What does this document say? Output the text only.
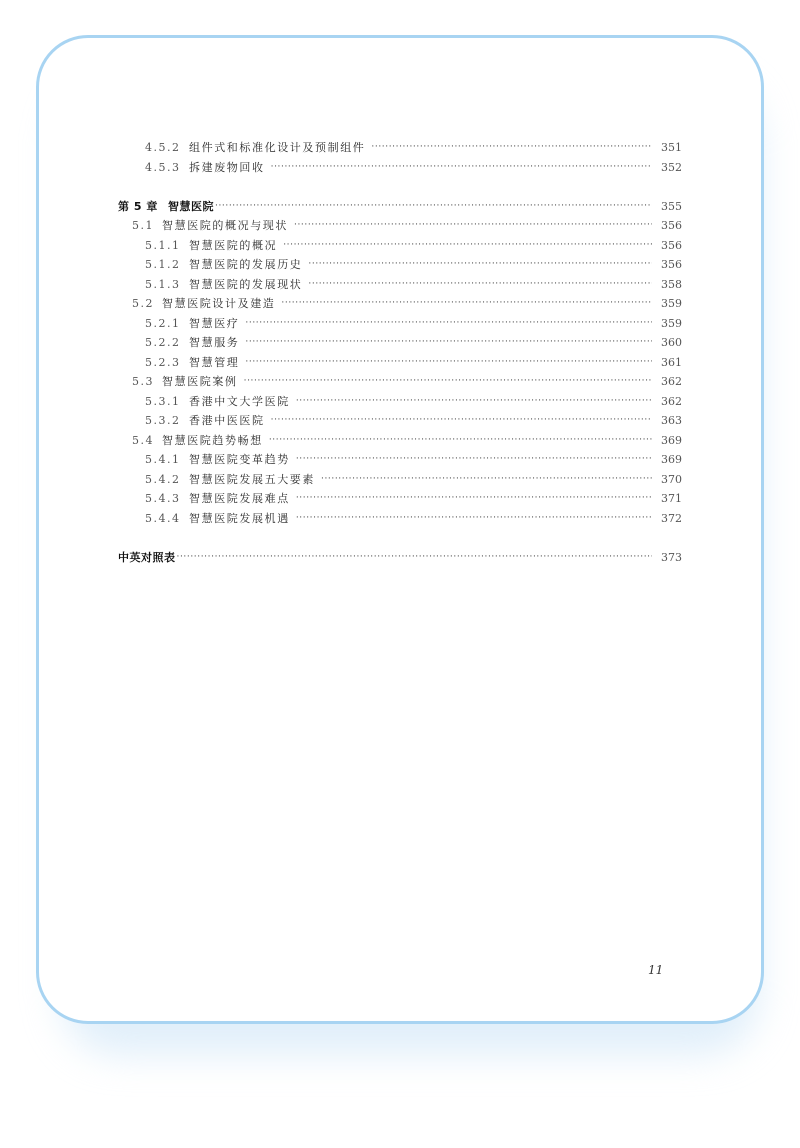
4.5.2 组件式和标准化设计及预制组件 ·····	351
4.5.3 拆建废物回收 ·····	352
第 5 章 智慧医院 ·····	355
5.1 智慧医院的概况与现状 ·····	356
5.1.1 智慧医院的概况 ·····	356
5.1.2 智慧医院的发展历史 ·····	356
5.1.3 智慧医院的发展现状 ·····	358
5.2 智慧医院设计及建造 ·····	359
5.2.1 智慧医疗 ·····	359
5.2.2 智慧服务 ·····	360
5.2.3 智慧管理 ·····	361
5.3 智慧医院案例 ·····	362
5.3.1 香港中文大学医院 ·····	362
5.3.2 香港中医医院 ·····	363
5.4 智慧医院趋势畅想 ·····	369
5.4.1 智慧医院变革趋势 ·····	369
5.4.2 智慧医院发展五大要素 ·····	370
5.4.3 智慧医院发展难点 ·····	371
5.4.4 智慧医院发展机遇 ·····	372
中英对照表 ·····	373
11
